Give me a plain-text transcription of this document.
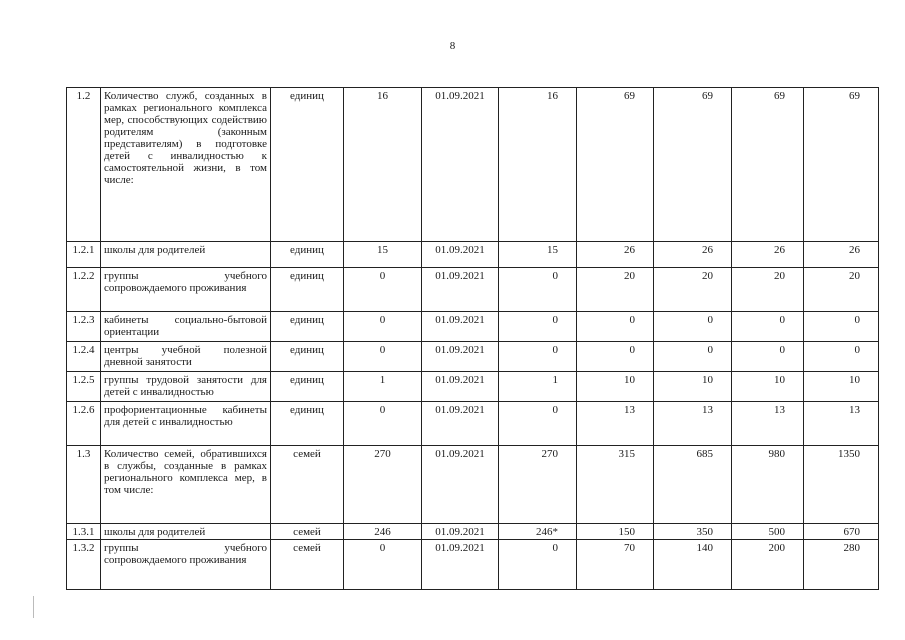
8
1.2	Количество служб, созданных в рамках регионального комплекса мер, способствующих содействию родителям (законным представителям) в подготовке детей с инвалидностью к самостоятельной жизни, в том числе:	единиц	16	01.09.2021	16	69	69	69	69
1.2.1	школы для родителей	единиц	15	01.09.2021	15	26	26	26	26
1.2.2	группы учебного сопровождаемого проживания	единиц	0	01.09.2021	0	20	20	20	20
1.2.3	кабинеты социально-бытовой ориентации	единиц	0	01.09.2021	0	0	0	0	0
1.2.4	центры учебной полезной дневной занятости	единиц	0	01.09.2021	0	0	0	0	0
1.2.5	группы трудовой занятости для детей с инвалидностью	единиц	1	01.09.2021	1	10	10	10	10
1.2.6	профориентационные кабинеты для детей с инвалидностью	единиц	0	01.09.2021	0	13	13	13	13
1.3	Количество семей, обратившихся в службы, созданные в рамках регионального комплекса мер, в том числе:	семей	270	01.09.2021	270	315	685	980	1350
1.3.1	школы для родителей	семей	246	01.09.2021	246*	150	350	500	670
1.3.2	группы учебного сопровождаемого проживания	семей	0	01.09.2021	0	70	140	200	280
